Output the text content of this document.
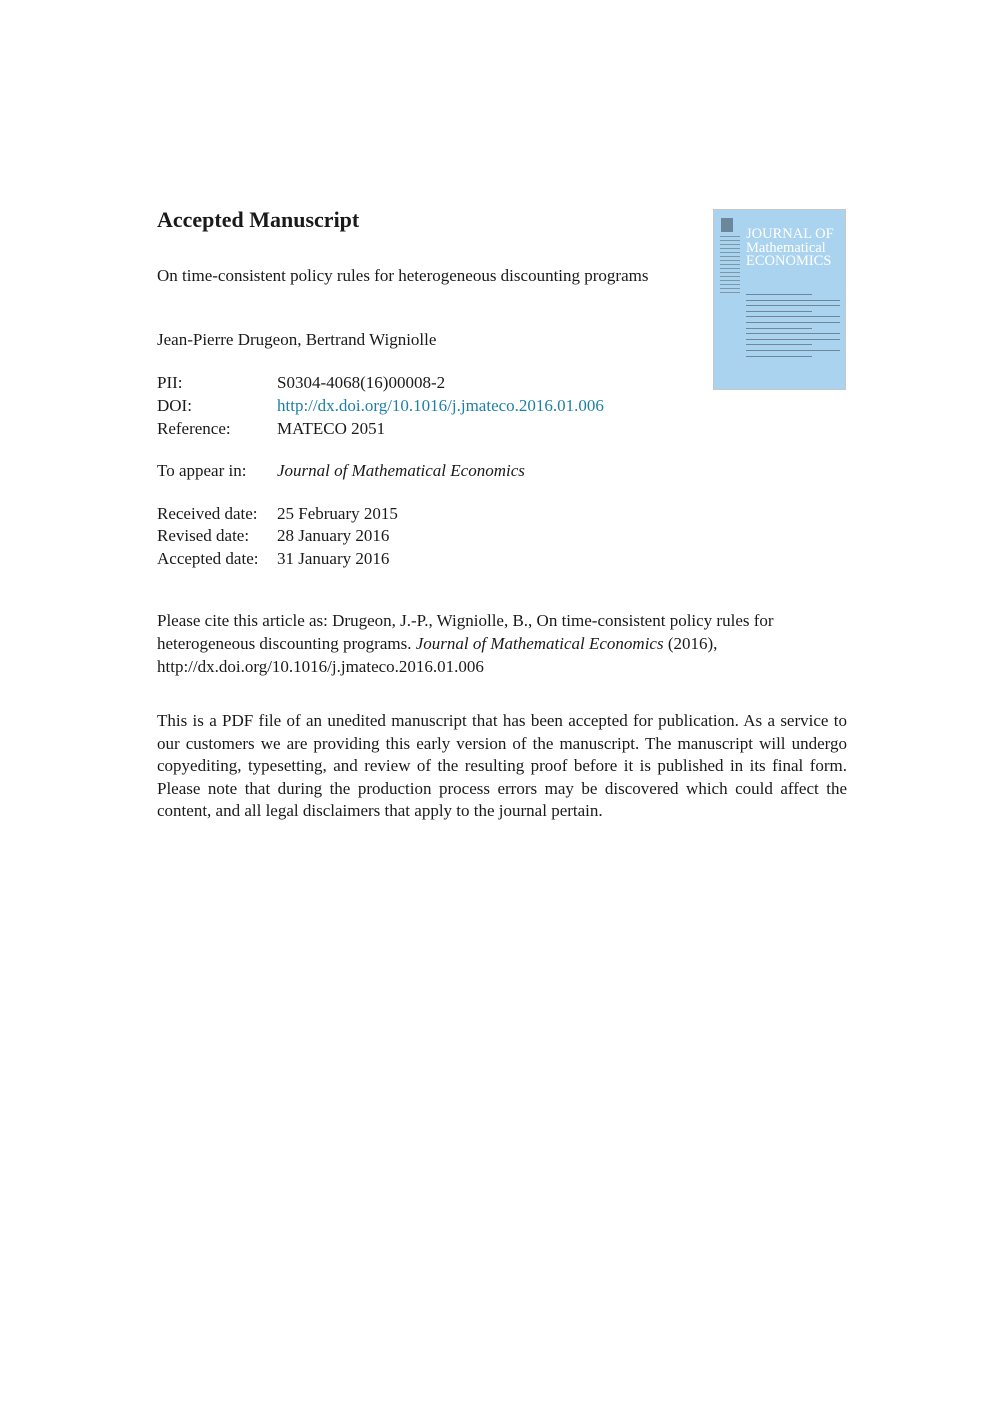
Accepted Manuscript
On time-consistent policy rules for heterogeneous discounting programs
Jean-Pierre Drugeon, Bertrand Wigniolle
PII:	S0304-4068(16)00008-2
DOI:	http://dx.doi.org/10.1016/j.jmateco.2016.01.006
Reference:	MATECO 2051
To appear in: Journal of Mathematical Economics
Received date: 25 February 2015
Revised date: 28 January 2016
Accepted date: 31 January 2016
Please cite this article as: Drugeon, J.-P., Wigniolle, B., On time-consistent policy rules for heterogeneous discounting programs. Journal of Mathematical Economics (2016), http://dx.doi.org/10.1016/j.jmateco.2016.01.006
This is a PDF file of an unedited manuscript that has been accepted for publication. As a service to our customers we are providing this early version of the manuscript. The manuscript will undergo copyediting, typesetting, and review of the resulting proof before it is published in its final form. Please note that during the production process errors may be discovered which could affect the content, and all legal disclaimers that apply to the journal pertain.
JOURNAL OF Mathematical ECONOMICS
